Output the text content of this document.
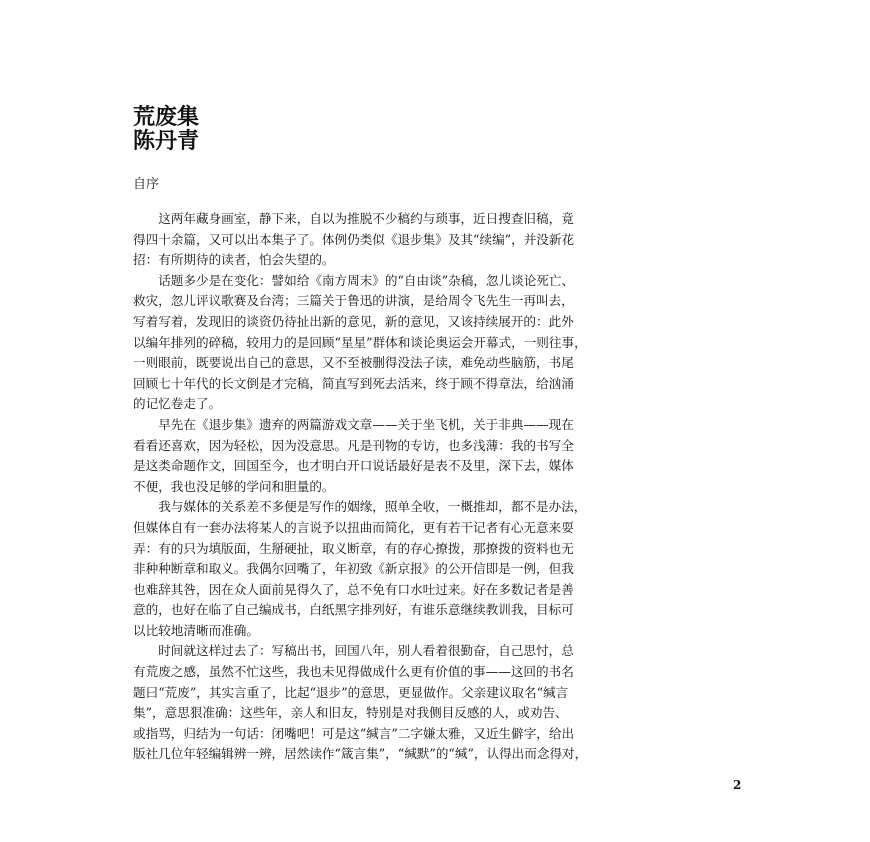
荒废集
陈丹青
自序
　　这两年藏身画室，静下来，自以为推脱不少稿约与琐事，近日搜查旧稿，竟
得四十余篇，又可以出本集子了。体例仍类似《退步集》及其“续编”，并没新花
招：有所期待的读者，怕会失望的。
　　话题多少是在变化：譬如给《南方周末》的“自由谈”杂稿，忽儿谈论死亡、
救灾，忽儿评议歌赛及台湾；三篇关于鲁迅的讲演，是给周令飞先生一再叫去，
写着写着，发现旧的谈资仍待扯出新的意见，新的意见，又该持续展开的：此外
以编年排列的碎稿，较用力的是回顾“星星”群体和谈论奥运会开幕式，一则往事，
一则眼前，既要说出自己的意思，又不至被删得没法子读，难免动些脑筋，书尾
回顾七十年代的长文倒是才完稿，简直写到死去活来，终于顾不得章法，给汹涌
的记忆卷走了。
　　早先在《退步集》遗弃的两篇游戏文章——关于坐飞机，关于非典——现在
看看还喜欢，因为轻松，因为没意思。凡是刊物的专访，也多浅薄：我的书写全
是这类命题作文，回国至今，也才明白开口说话最好是表不及里，深下去，媒体
不便，我也没足够的学问和胆量的。
　　我与媒体的关系差不多便是写作的姻缘，照单全收，一概推却，都不是办法，
但媒体自有一套办法将某人的言说予以扭曲而简化，更有若干记者有心无意来耍
弄：有的只为填版面，生掰硬扯，取义断章，有的存心撩拨，那撩拨的资料也无
非种种断章和取义。我偶尔回嘴了，年初致《新京报》的公开信即是一例，但我
也难辞其咎，因在众人面前晃得久了，总不免有口水吐过来。好在多数记者是善
意的，也好在临了自己编成书，白纸黑字排列好，有谁乐意继续教训我，目标可
以比较地清晰而准确。
　　时间就这样过去了：写稿出书，回国八年，别人看着很勤奋，自己思忖，总
有荒废之感，虽然不忙这些，我也未见得做成什么更有价值的事——这回的书名
题曰“荒废”，其实言重了，比起“退步”的意思，更显做作。父亲建议取名“缄言
集”，意思狠准确：这些年，亲人和旧友，特别是对我侧目反感的人，或劝告、
或指骂，归结为一句话：闭嘴吧！可是这“缄言”二字嫌太雅，又近生僻字，给出
版社几位年轻编辑辨一辨，居然读作“箴言集”，“缄默”的“缄”，认得出而念得对，
2
